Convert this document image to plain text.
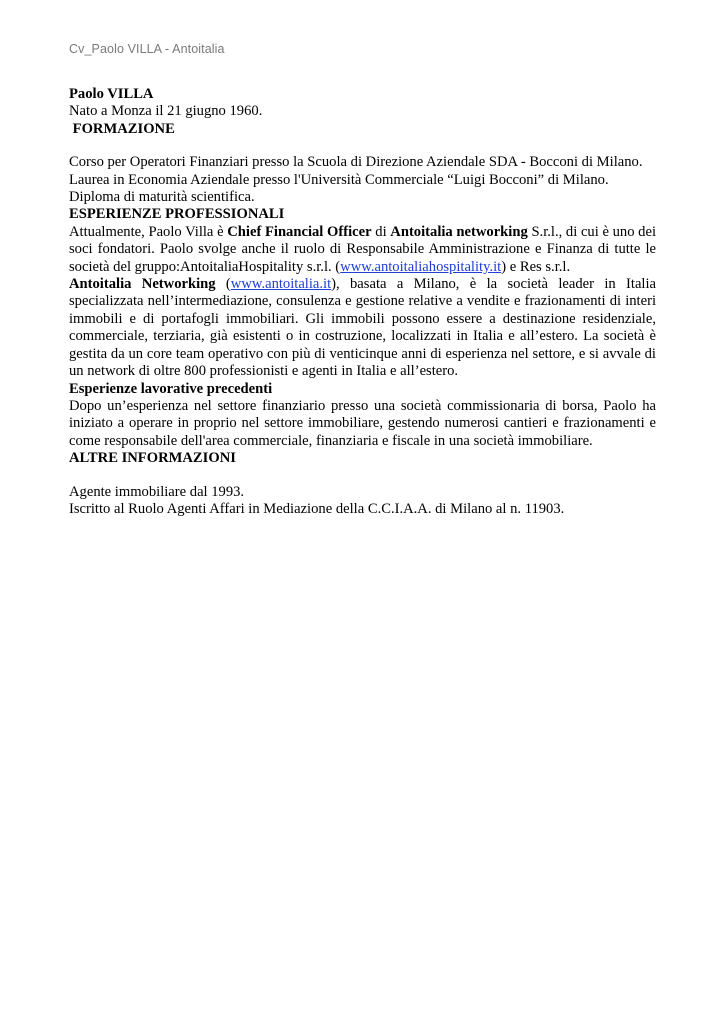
Cv_Paolo VILLA - Antoitalia

Paolo VILLA

Nato a Monza il 21 giugno 1960.

FORMAZIONE

Corso per Operatori Finanziari presso la Scuola di Direzione Aziendale SDA - Bocconi di Milano.

Laurea in Economia Aziendale presso l'Università Commerciale “Luigi Bocconi” di Milano.

Diploma di maturità scientifica.

ESPERIENZE PROFESSIONALI

Attualmente, Paolo Villa è Chief Financial Officer di Antoitalia networking S.r.l., di cui è uno dei soci fondatori. Paolo svolge anche il ruolo di Responsabile Amministrazione e Finanza di tutte le società del gruppo:AntoitaliaHospitality s.r.l. (www.antoitaliahospitality.it) e Res s.r.l.

Antoitalia Networking (www.antoitalia.it), basata a Milano, è la società leader in Italia specializzata nell’intermediazione, consulenza e gestione relative a vendite e frazionamenti di interi immobili e di portafogli immobiliari. Gli immobili possono essere a destinazione residenziale, commerciale, terziaria, già esistenti o in costruzione, localizzati in Italia e all’estero. La società è gestita da un core team operativo con più di venticinque anni di esperienza nel settore, e si avvale di un network di oltre 800 professionisti e agenti in Italia e all’estero.

Esperienze lavorative precedenti

Dopo un’esperienza nel settore finanziario presso una società commissionaria di borsa, Paolo ha iniziato a operare in proprio nel settore immobiliare, gestendo numerosi cantieri e frazionamenti e come responsabile dell'area commerciale, finanziaria e fiscale in una società immobiliare.

ALTRE INFORMAZIONI

Agente immobiliare dal 1993.

Iscritto al Ruolo Agenti Affari in Mediazione della C.C.I.A.A. di Milano al n. 11903.
